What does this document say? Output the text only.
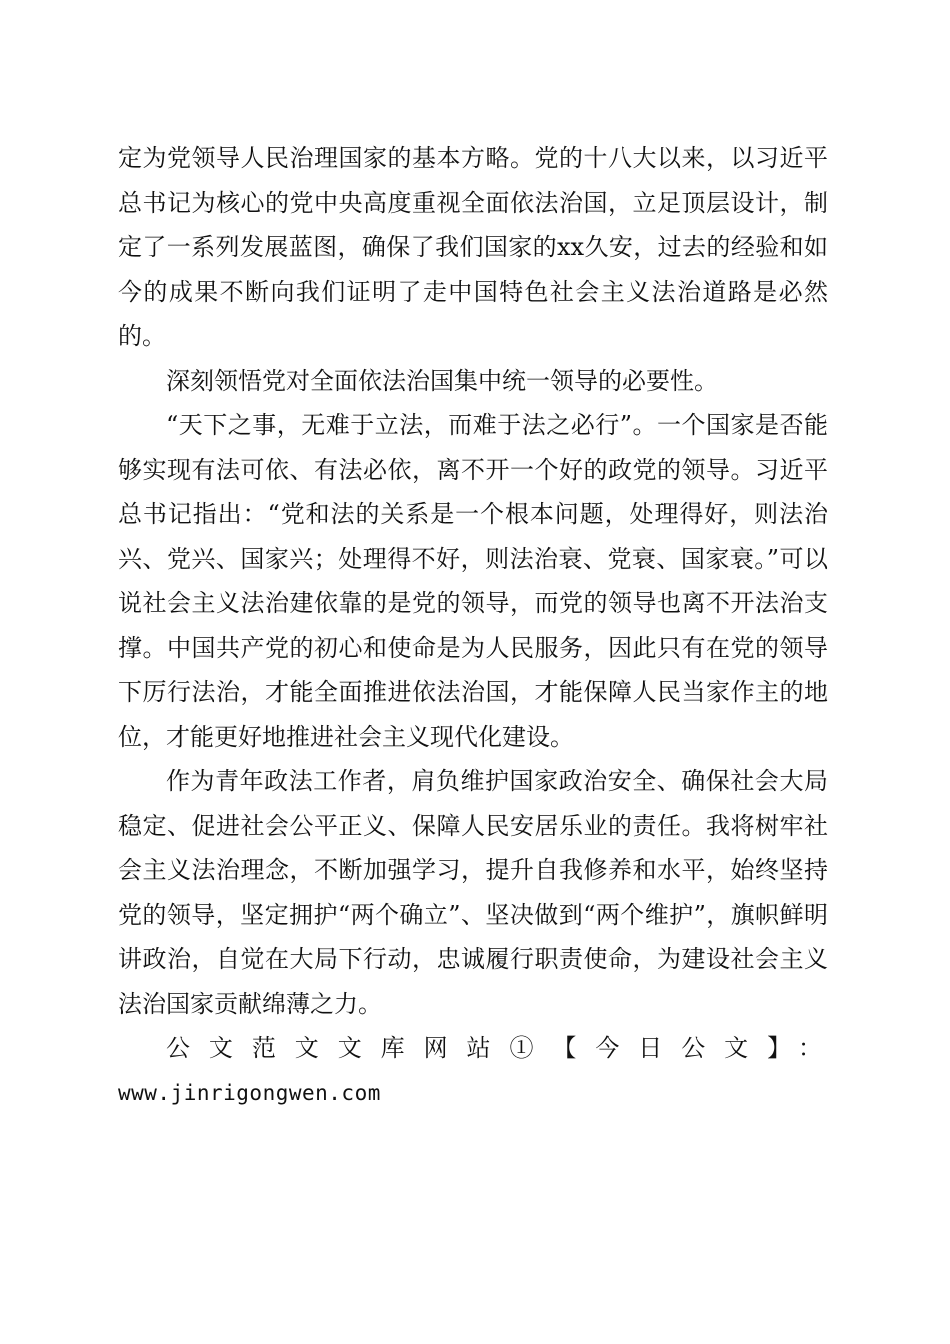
定为党领导人民治理国家的基本方略。党的十八大以来，以习近平总书记为核心的党中央高度重视全面依法治国，立足顶层设计，制定了一系列发展蓝图，确保了我们国家的xx久安，过去的经验和如今的成果不断向我们证明了走中国特色社会主义法治道路是必然的。

深刻领悟党对全面依法治国集中统一领导的必要性。

“天下之事，无难于立法，而难于法之必行”。一个国家是否能够实现有法可依、有法必依，离不开一个好的政党的领导。习近平总书记指出：“党和法的关系是一个根本问题，处理得好，则法治兴、党兴、国家兴；处理得不好，则法治衰、党衰、国家衰。”可以说社会主义法治建依靠的是党的领导，而党的领导也离不开法治支撑。中国共产党的初心和使命是为人民服务，因此只有在党的领导下厉行法治，才能全面推进依法治国，才能保障人民当家作主的地位，才能更好地推进社会主义现代化建设。

作为青年政法工作者，肩负维护国家政治安全、确保社会大局稳定、促进社会公平正义、保障人民安居乐业的责任。我将树牢社会主义法治理念，不断加强学习，提升自我修养和水平，始终坚持党的领导，坚定拥护“两个确立”、坚决做到“两个维护”，旗帜鲜明讲政治，自觉在大局下行动，忠诚履行职责使命，为建设社会主义法治国家贡献绵薄之力。

公文范文文库网站①【今日公文】：

www.jinrigongwen.com
